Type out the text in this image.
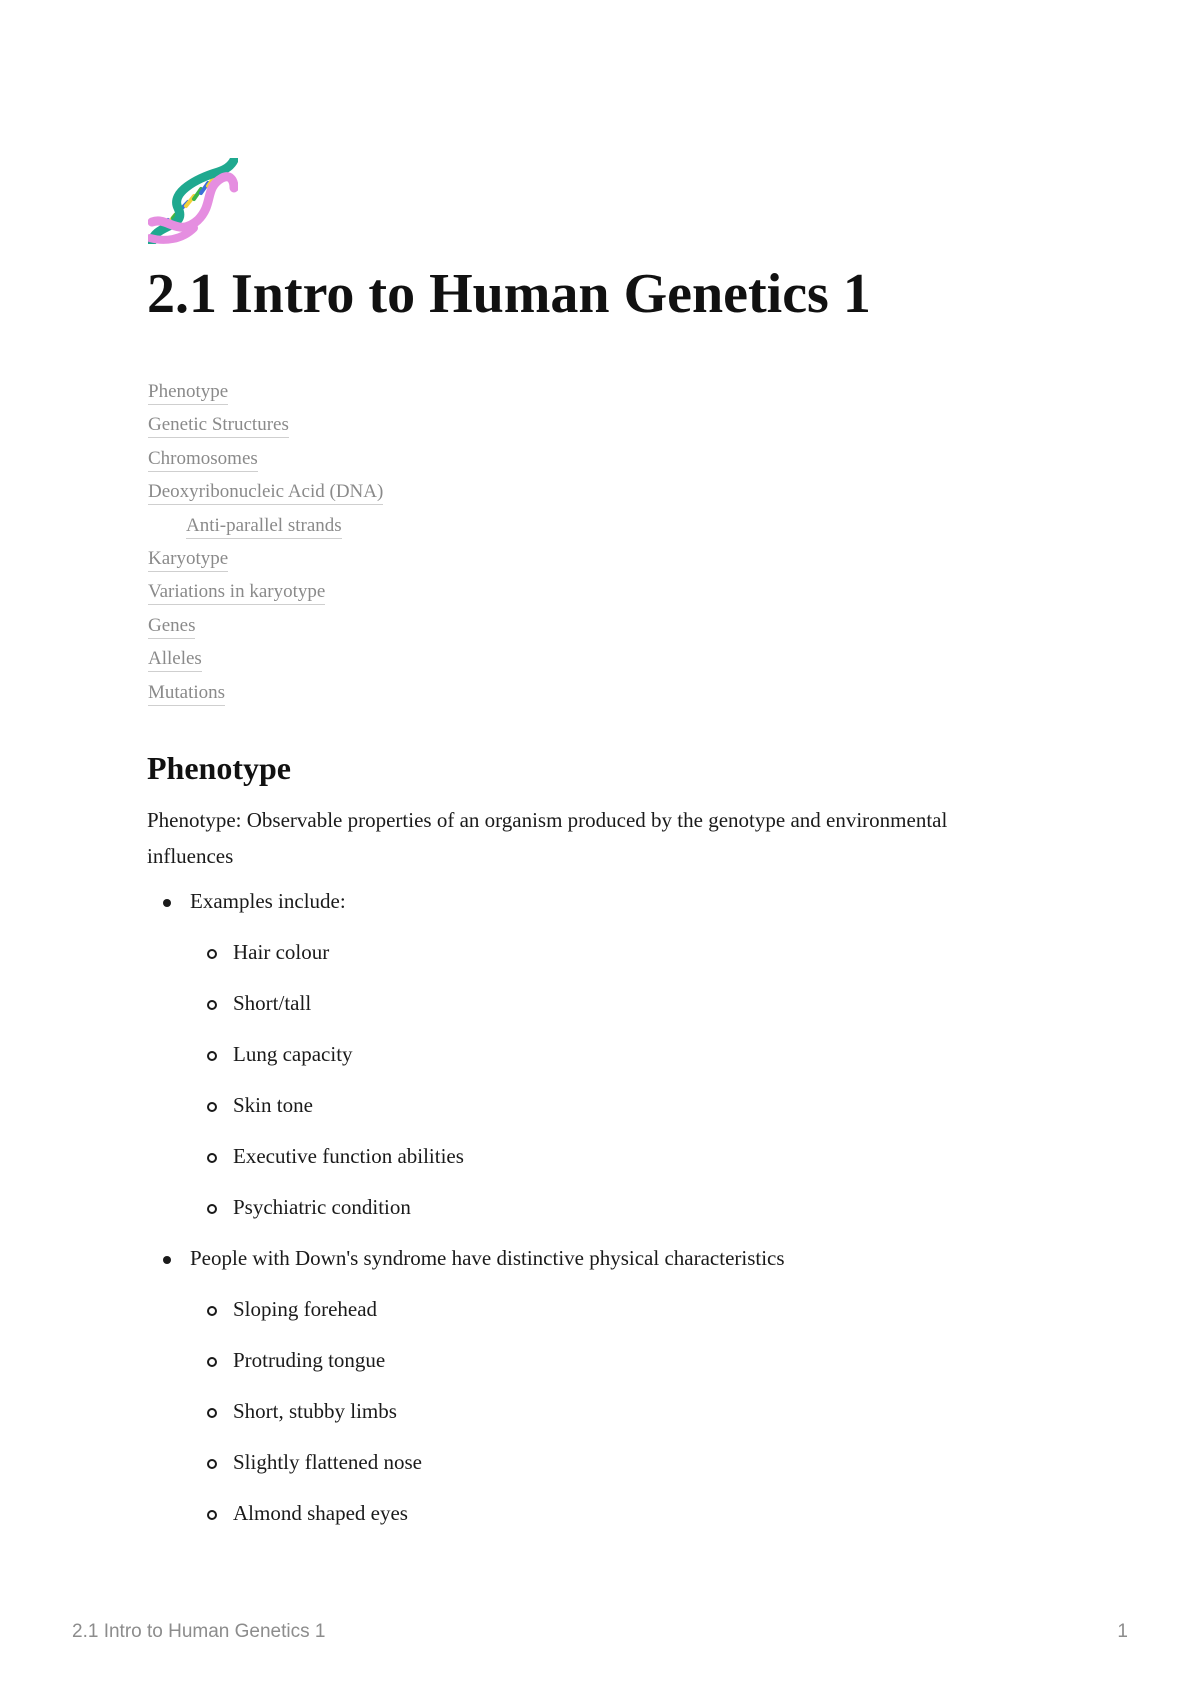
2.1 Intro to Human Genetics 1
Phenotype
Genetic Structures
Chromosomes
Deoxyribonucleic Acid (DNA)
Anti-parallel strands
Karyotype
Variations in karyotype
Genes
Alleles
Mutations
Phenotype

Phenotype: Observable properties of an organism produced by the genotype and environmental influences

Examples include:
Hair colour
Short/tall
Lung capacity
Skin tone
Executive function abilities
Psychiatric condition
People with Down's syndrome have distinctive physical characteristics
Sloping forehead
Protruding tongue
Short, stubby limbs
Slightly flattened nose
Almond shaped eyes
2.1 Intro to Human Genetics 1	1
